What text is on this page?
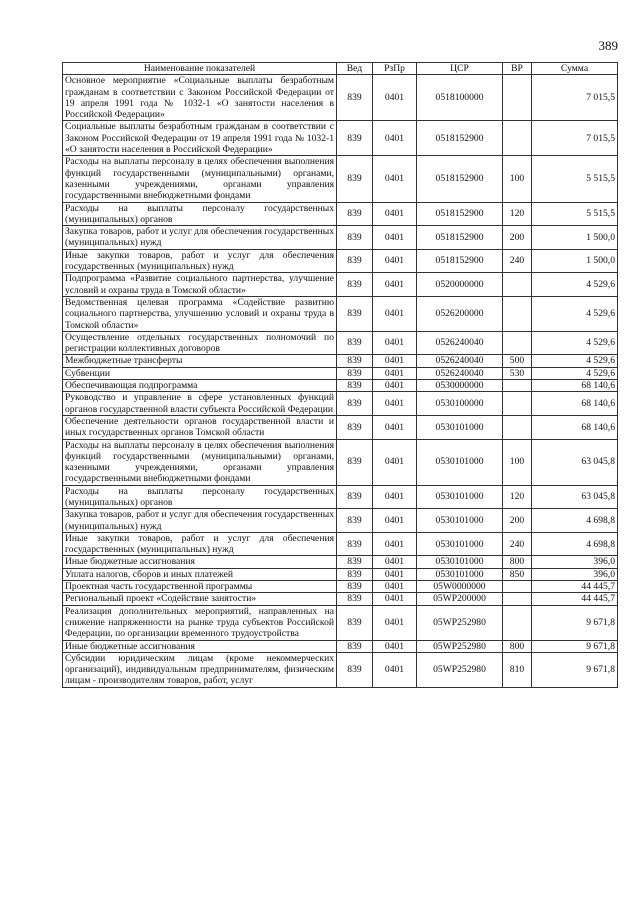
389
Наименование показателей	Вед	РзПр	ЦСР	ВР	Сумма
Основное мероприятие «Социальные выплаты безработным гражданам в соответствии с Законом Российской Федерации от 19 апреля 1991 года № 1032-1 «О занятости населения в Российской Федерации»	839	0401	0518100000		7 015,5
Социальные выплаты безработным гражданам в соответствии с Законом Российской Федерации от 19 апреля 1991 года № 1032-1 «О занятости населения в Российской Федерации»	839	0401	0518152900		7 015,5
Расходы на выплаты персоналу в целях обеспечения выполнения функций государственными (муниципальными) органами, казенными учреждениями, органами управления государственными внебюджетными фондами	839	0401	0518152900	100	5 515,5
Расходы на выплаты персоналу государственных (муниципальных) органов	839	0401	0518152900	120	5 515,5
Закупка товаров, работ и услуг для обеспечения государственных (муниципальных) нужд	839	0401	0518152900	200	1 500,0
Иные закупки товаров, работ и услуг для обеспечения государственных (муниципальных) нужд	839	0401	0518152900	240	1 500,0
Подпрограмма «Развитие социального партнерства, улучшение условий и охраны труда в Томской области»	839	0401	0520000000		4 529,6
Ведомственная целевая программа «Содействие развитию социального партнерства, улучшению условий и охраны труда в Томской области»	839	0401	0526200000		4 529,6
Осуществление отдельных государственных полномочий по регистрации коллективных договоров	839	0401	0526240040		4 529,6
Межбюджетные трансферты	839	0401	0526240040	500	4 529,6
Субвенции	839	0401	0526240040	530	4 529,6
Обеспечивающая подпрограмма	839	0401	0530000000		68 140,6
Руководство и управление в сфере установленных функций органов государственной власти субъекта Российской Федерации	839	0401	0530100000		68 140,6
Обеспечение деятельности органов государственной власти и иных государственных органов Томской области	839	0401	0530101000		68 140,6
Расходы на выплаты персоналу в целях обеспечения выполнения функций государственными (муниципальными) органами, казенными учреждениями, органами управления государственными внебюджетными фондами	839	0401	0530101000	100	63 045,8
Расходы на выплаты персоналу государственных (муниципальных) органов	839	0401	0530101000	120	63 045,8
Закупка товаров, работ и услуг для обеспечения государственных (муниципальных) нужд	839	0401	0530101000	200	4 698,8
Иные закупки товаров, работ и услуг для обеспечения государственных (муниципальных) нужд	839	0401	0530101000	240	4 698,8
Иные бюджетные ассигнования	839	0401	0530101000	800	396,0
Уплата налогов, сборов и иных платежей	839	0401	0530101000	850	396,0
Проектная часть государственной программы	839	0401	05W0000000		44 445,7
Региональный проект «Содействие занятости»	839	0401	05WP200000		44 445,7
Реализация дополнительных мероприятий, направленных на снижение напряженности на рынке труда субъектов Российской Федерации, по организации временного трудоустройства	839	0401	05WP252980		9 671,8
Иные бюджетные ассигнования	839	0401	05WP252980	800	9 671,8
Субсидии юридическим лицам (кроме некоммерческих организаций), индивидуальным предпринимателям, физическим лицам - производителям товаров, работ, услуг	839	0401	05WP252980	810	9 671,8
